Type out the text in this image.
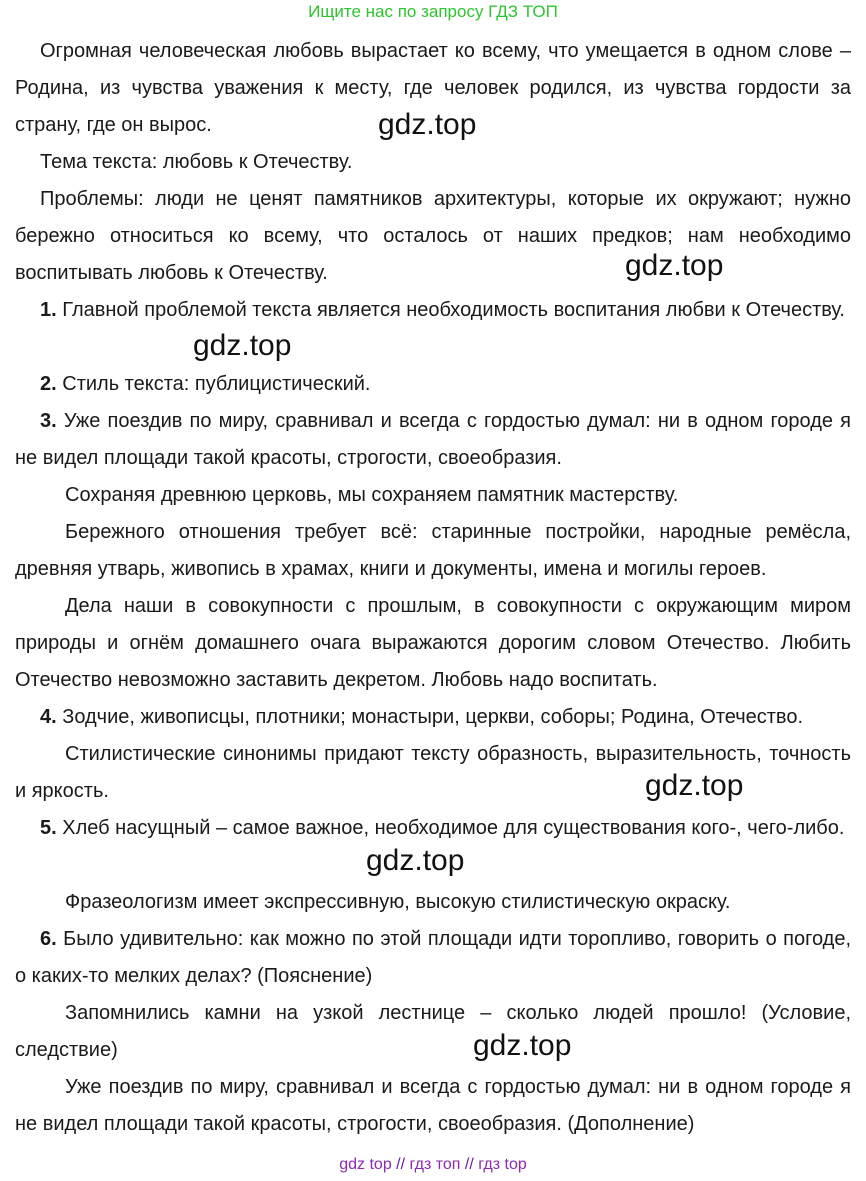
Ищите нас по запросу ГДЗ ТОП

Огромная человеческая любовь вырастает ко всему, что умещается в одном слове – Родина, из чувства уважения к месту, где человек родился, из чувства гордости за страну, где он вырос.

Тема текста: любовь к Отечеству.

Проблемы: люди не ценят памятников архитектуры, которые их окружают; нужно бережно относиться ко всему, что осталось от наших предков; нам необходимо воспитывать любовь к Отечеству.

1. Главной проблемой текста является необходимость воспитания любви к Отечеству.

2. Стиль текста: публицистический.

3. Уже поездив по миру, сравнивал и всегда с гордостью думал: ни в одном городе я не видел площади такой красоты, строгости, своеобразия.

Сохраняя древнюю церковь, мы сохраняем памятник мастерству.

Бережного отношения требует всё: старинные постройки, народные ремёсла, древняя утварь, живопись в храмах, книги и документы, имена и могилы героев.

Дела наши в совокупности с прошлым, в совокупности с окружающим миром природы и огнём домашнего очага выражаются дорогим словом Отечество. Любить Отечество невозможно заставить декретом. Любовь надо воспитать.

4. Зодчие, живописцы, плотники; монастыри, церкви, соборы; Родина, Отечество.

Стилистические синонимы придают тексту образность, выразительность, точность и яркость.

5. Хлеб насущный – самое важное, необходимое для существования кого-, чего-либо.

Фразеологизм имеет экспрессивную, высокую стилистическую окраску.

6. Было удивительно: как можно по этой площади идти торопливо, говорить о погоде, о каких-то мелких делах? (Пояснение)

Запомнились камни на узкой лестнице – сколько людей прошло! (Условие, следствие)

Уже поездив по миру, сравнивал и всегда с гордостью думал: ни в одном городе я не видел площади такой красоты, строгости, своеобразия. (Дополнение)

gdz.top
gdz.top
gdz.top
gdz.top
gdz.top
gdz.top
gdz top // гдз топ // гдз top
